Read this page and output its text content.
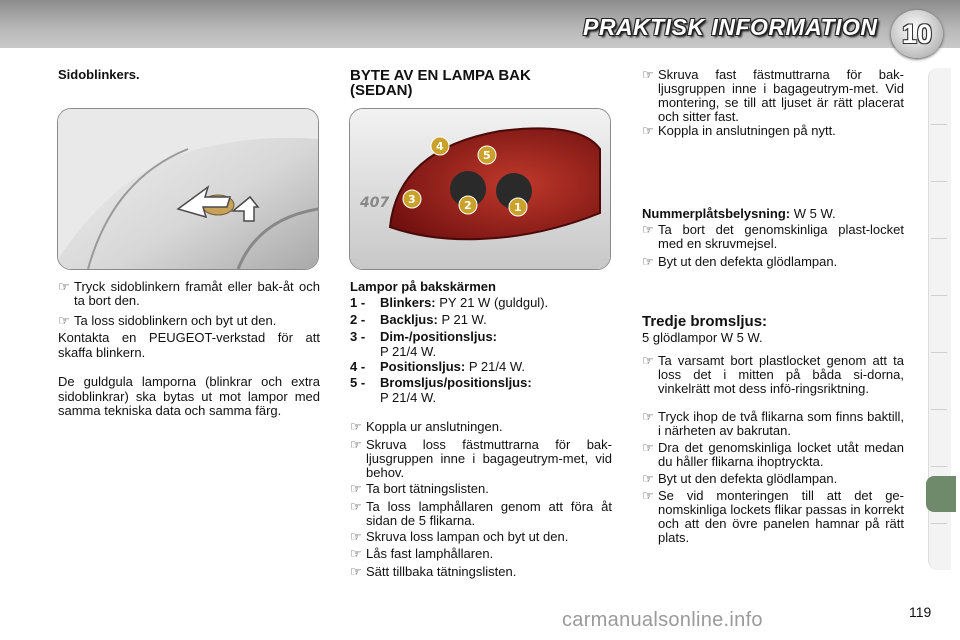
PRAKTISK INFORMATION 10
Sidoblinkers.
☞ Tryck sidoblinkern framåt eller bak-åt och ta bort den.
☞ Ta loss sidoblinkern och byt ut den.
Kontakta en PEUGEOT-verkstad för att skaffa blinkern.
De guldgula lamporna (blinkrar och extra sidoblinkrar) ska bytas ut mot lampor med samma tekniska data och samma färg.
BYTE AV EN LAMPA BAK (SEDAN)
407	1
2
3
4
5
Lampor på bakskärmen
1 - Blinkers: PY 21 W (guldgul).
2 - Backljus: P 21 W.
3 - Dim-/positionsljus:
P 21/4 W.
4 - Positionsljus: P 21/4 W.
5 - Bromsljus/positionsljus:
P 21/4 W.
☞ Koppla ur anslutningen.
☞ Skruva loss fästmuttrarna för bak-ljusgruppen inne i bagageutrym-met, vid behov.
☞ Ta bort tätningslisten.
☞ Ta loss lamphållaren genom att föra åt sidan de 5 flikarna.
☞ Skruva loss lampan och byt ut den.
☞ Lås fast lamphållaren.
☞ Sätt tillbaka tätningslisten.
☞ Skruva fast fästmuttrarna för bak-ljusgruppen inne i bagageutrym-met. Vid montering, se till att ljuset är rätt placerat och sitter fast.
☞ Koppla in anslutningen på nytt.
Nummerplåtsbelysning: W 5 W.
☞ Ta bort det genomskinliga plast-locket med en skruvmejsel.
☞ Byt ut den defekta glödlampan.
Tredje bromsljus:
5 glödlampor W 5 W.
☞ Ta varsamt bort plastlocket genom att ta loss det i mitten på båda si-dorna, vinkelrätt mot dess infö-ringsriktning.
☞ Tryck ihop de två flikarna som finns baktill, i närheten av bakrutan.
☞ Dra det genomskinliga locket utåt medan du håller flikarna ihoptryckta.
☞ Byt ut den defekta glödlampan.
☞ Se vid monteringen till att det ge-nomskinliga lockets flikar passas in korrekt och att den övre panelen hamnar på rätt plats.
119
carmanualsonline.info
